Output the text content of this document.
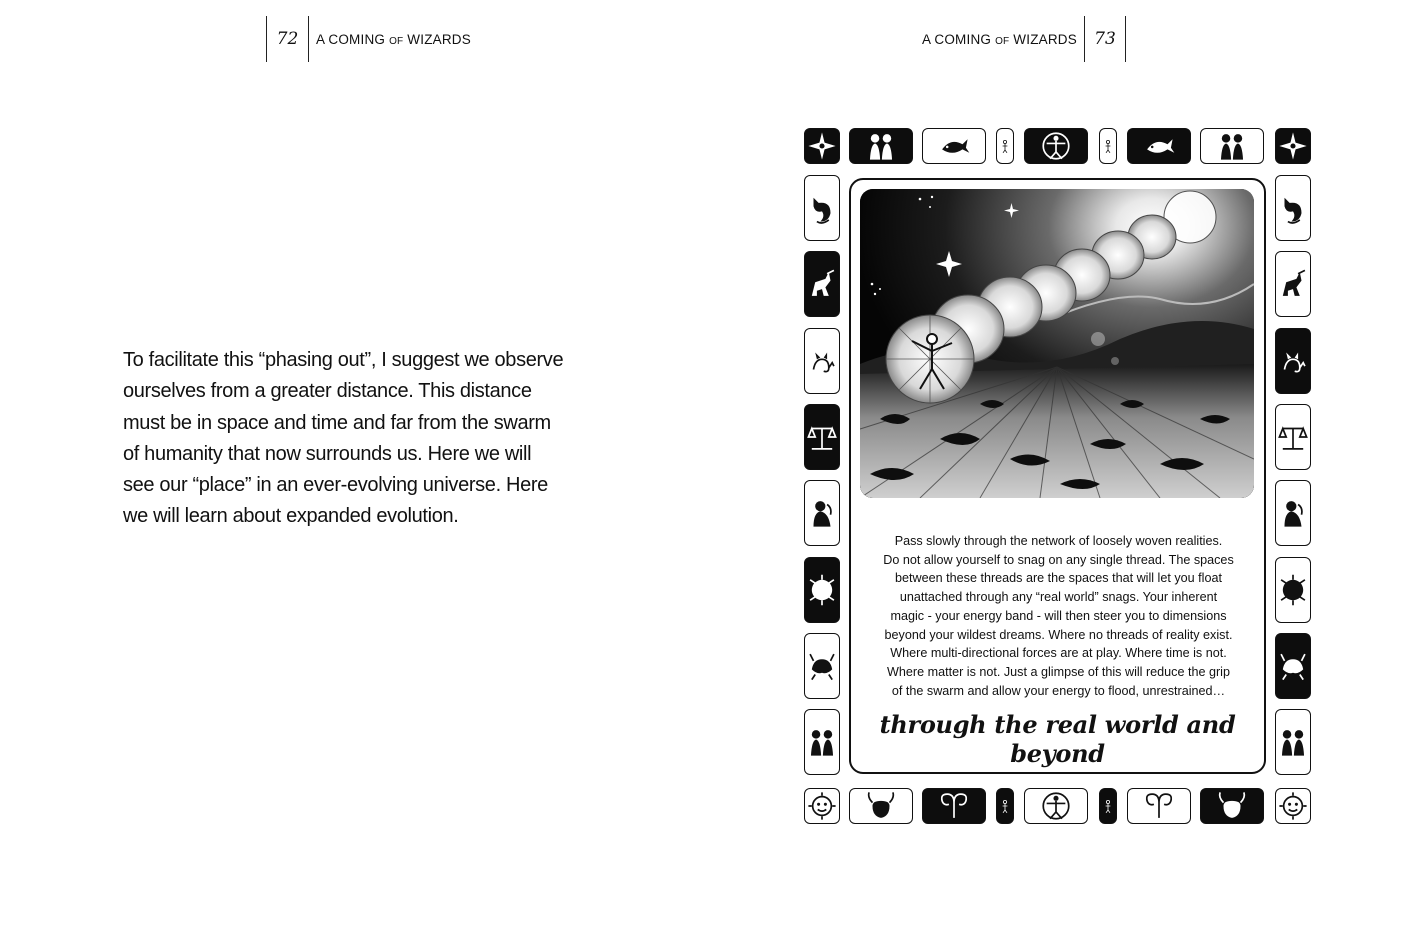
72	A COMING OF WIZARDS

To facilitate this “phasing out”, I suggest we observe
ourselves from a greater distance. This distance
must be in space and time and far from the swarm
of humanity that now surrounds us. Here we will
see our “place” in an ever-evolving universe. Here
we will learn about expanded evolution.

A COMING OF WIZARDS	73

Pass slowly through the network of loosely woven realities.
Do not allow yourself to snag on any single thread. The spaces
between these threads are the spaces that will let you float
unattached through any “real world” snags. Your inherent
magic - your energy band - will then steer you to dimensions
beyond your wildest dreams. Where no threads of reality exist.
Where multi-directional forces are at play. Where time is not.
Where matter is not. Just a glimpse of this will reduce the grip
of the swarm and allow your energy to flood, unrestrained…

through the real world and beyond
